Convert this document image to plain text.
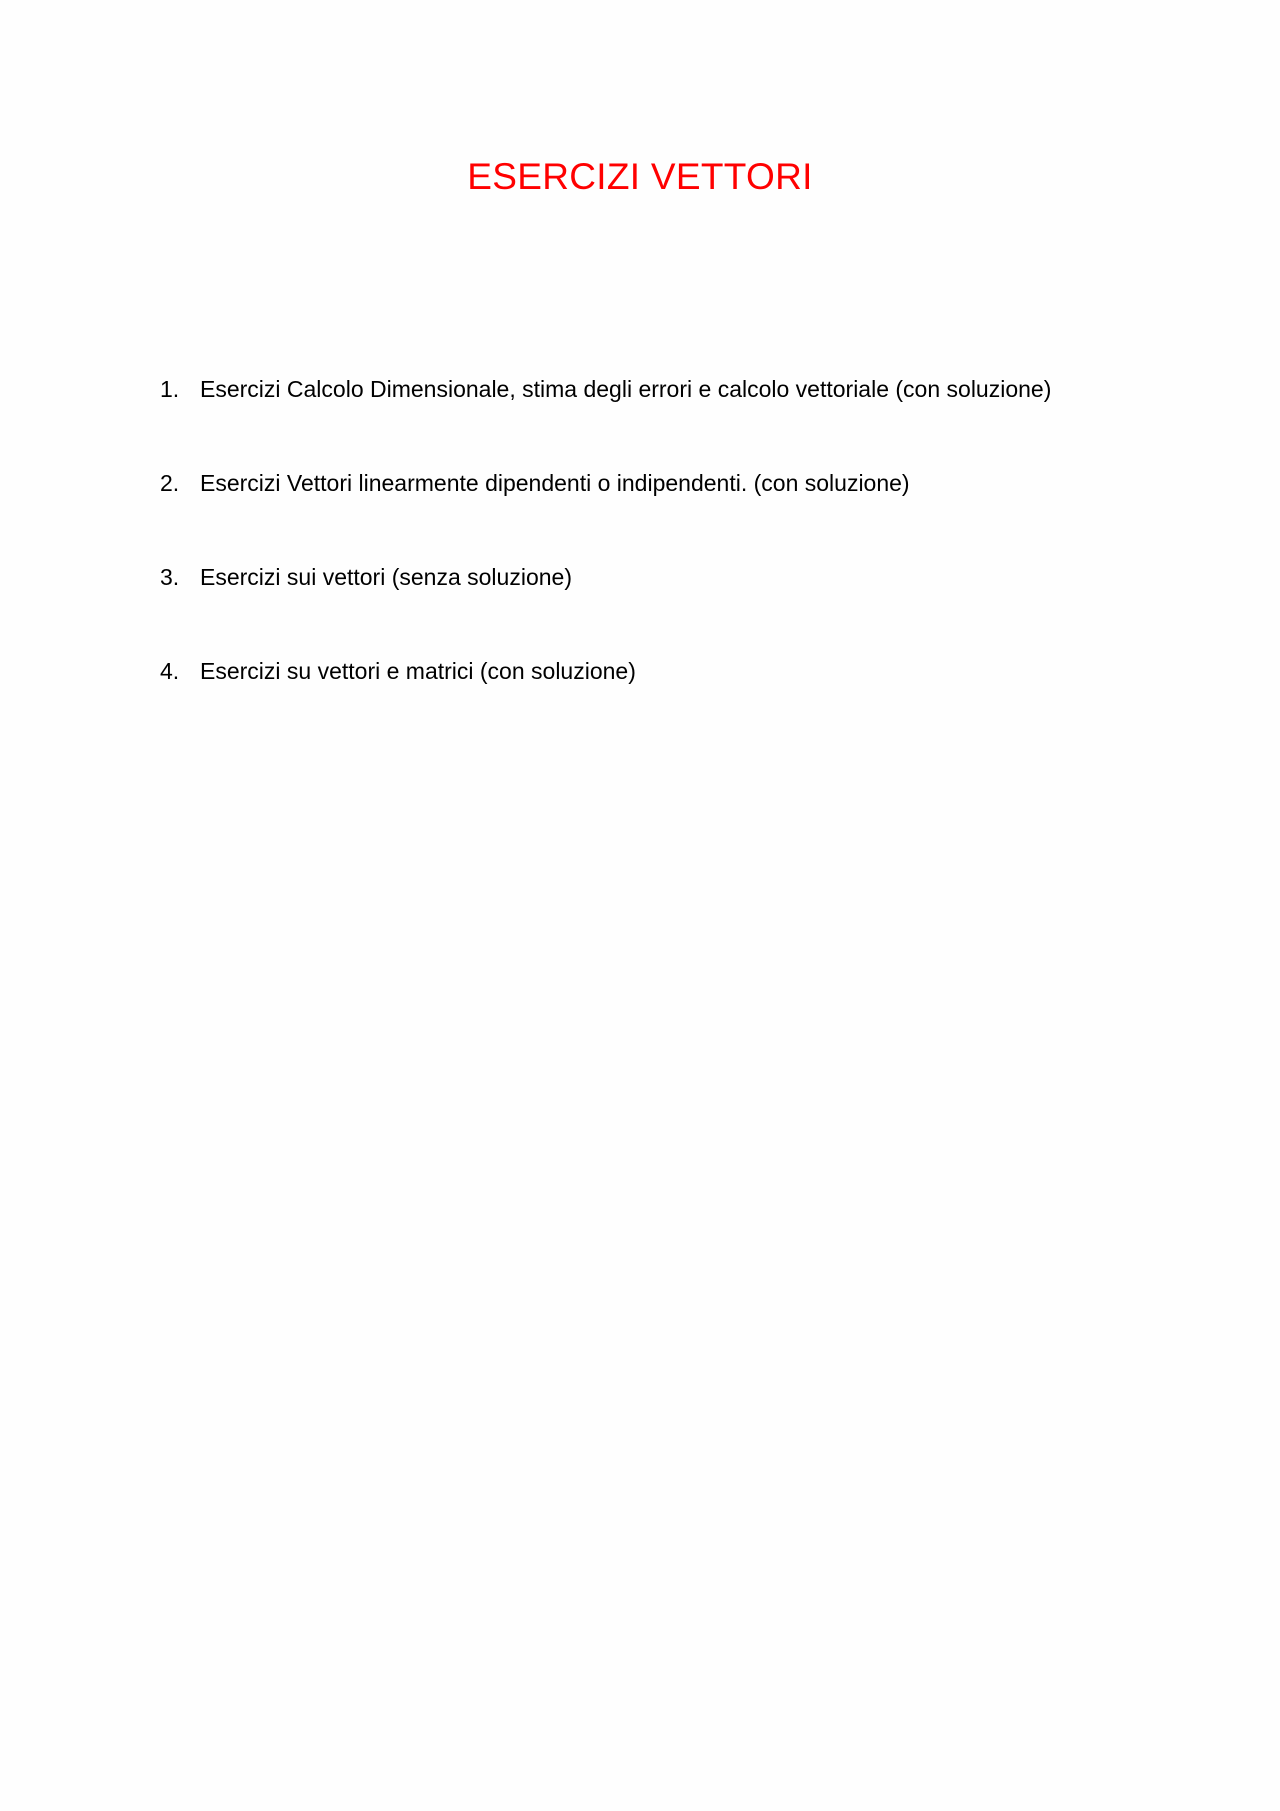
ESERCIZI VETTORI
1. Esercizi Calcolo Dimensionale, stima degli errori e calcolo vettoriale (con soluzione)
2. Esercizi Vettori linearmente dipendenti o indipendenti. (con soluzione)
3. Esercizi sui vettori (senza soluzione)
4. Esercizi su vettori e matrici (con soluzione)
